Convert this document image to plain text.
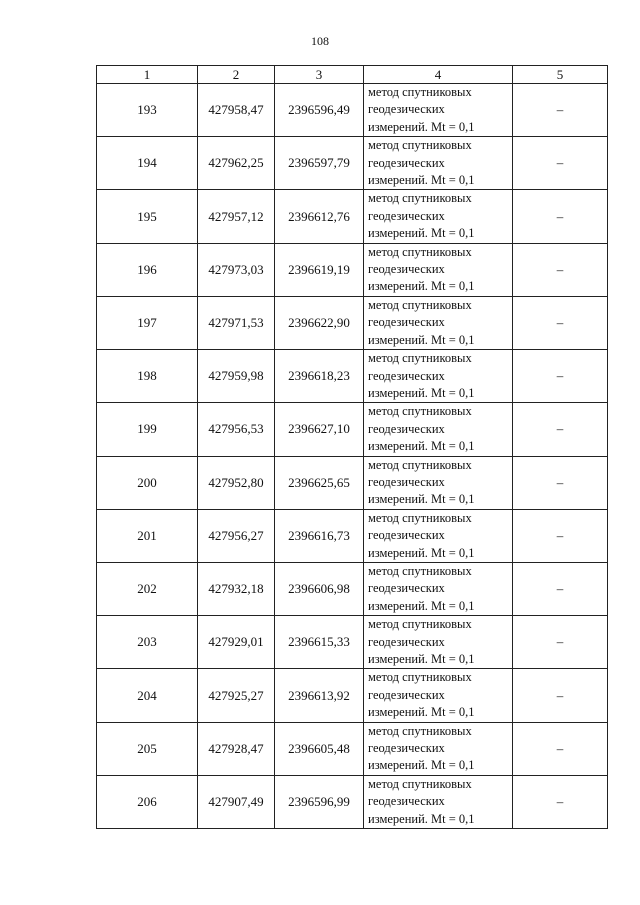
108
1	2	3	4	5
193	427958,47	2396596,49	метод спутниковых
геодезических
измерений. Mt = 0,1	–
194	427962,25	2396597,79	метод спутниковых
геодезических
измерений. Mt = 0,1	–
195	427957,12	2396612,76	метод спутниковых
геодезических
измерений. Mt = 0,1	–
196	427973,03	2396619,19	метод спутниковых
геодезических
измерений. Mt = 0,1	–
197	427971,53	2396622,90	метод спутниковых
геодезических
измерений. Mt = 0,1	–
198	427959,98	2396618,23	метод спутниковых
геодезических
измерений. Mt = 0,1	–
199	427956,53	2396627,10	метод спутниковых
геодезических
измерений. Mt = 0,1	–
200	427952,80	2396625,65	метод спутниковых
геодезических
измерений. Mt = 0,1	–
201	427956,27	2396616,73	метод спутниковых
геодезических
измерений. Mt = 0,1	–
202	427932,18	2396606,98	метод спутниковых
геодезических
измерений. Mt = 0,1	–
203	427929,01	2396615,33	метод спутниковых
геодезических
измерений. Mt = 0,1	–
204	427925,27	2396613,92	метод спутниковых
геодезических
измерений. Mt = 0,1	–
205	427928,47	2396605,48	метод спутниковых
геодезических
измерений. Mt = 0,1	–
206	427907,49	2396596,99	метод спутниковых
геодезических
измерений. Mt = 0,1	–
